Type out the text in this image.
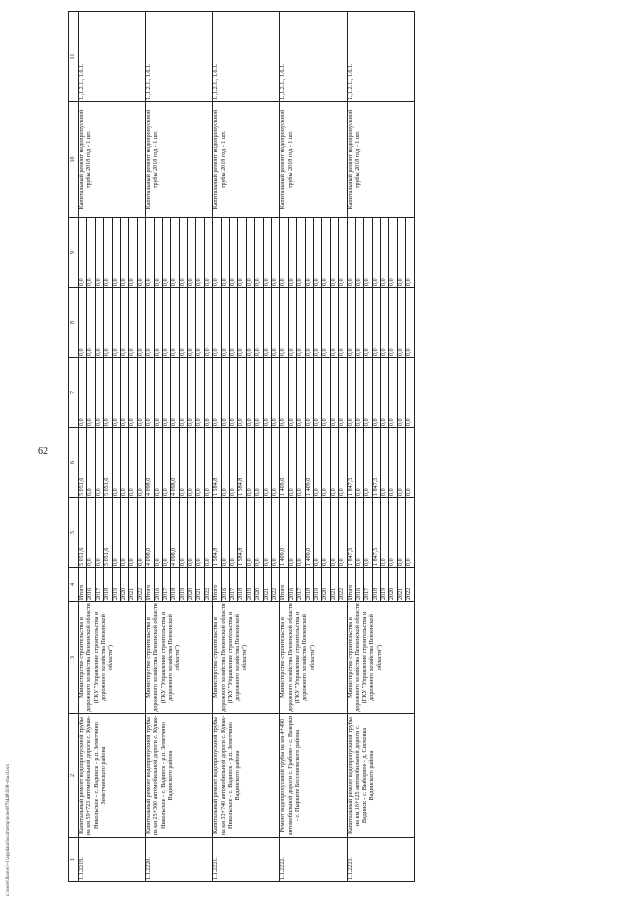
62
1	2	3	4	5	6	7	8	9	10	11
1.1.2219.	Капитальный ремонт водопропускной трубы на км 59+723 автомобильной дороги с. Кувак-Никольское - с. Вадинск - р.п. Земетчино Земетчинского района	Министерство строительства и дорожного хозяйства Пензенской области (ГКУ "Управление строительства и дорожного хозяйства Пензенской области")	Итого	5 051,6	5 051,6	0,0	0,0	0,0	Капитальный ремонт водопропускной трубы 2018 год - 1 шт.	1.,1.2.1., 1.6.1.
			2016	0,0	0,0	0,0	0,0	0,0		
			2017	0,0	0,0	0,0	0,0	0,0		
			2018	5 051,6	5 051,6	0,0	0,0	0,0		
			2019	0,0	0,0	0,0	0,0	0,0		
			2020	0,0	0,0	0,0	0,0	0,0		
			2021	0,0	0,0	0,0	0,0	0,0		
			2022	0,0	0,0	0,0	0,0	0,0		
1.1.2220.	Капитальный ремонт водопропускной трубы на км 25+360 автомобильной дороги с. Кувак-Никольское - с. Вадинск - р.п. Земетчино Вадинского района	Министерство строительства и дорожного хозяйства Пензенской области (ГКУ "Управление строительства и дорожного хозяйства Пензенской области")	Итого	4 098,0	4 098,0	0,0	0,0	0,0	Капитальный ремонт водопропускной трубы 2018 год - 1 шт.	1.,1.2.1., 1.6.1.
			2016	0,0	0,0	0,0	0,0	0,0		
			2017	0,0	0,0	0,0	0,0	0,0		
			2018	4 098,0	4 098,0	0,0	0,0	0,0		
			2019	0,0	0,0	0,0	0,0	0,0		
			2020	0,0	0,0	0,0	0,0	0,0		
			2021	0,0	0,0	0,0	0,0	0,0		
			2022	0,0	0,0	0,0	0,0	0,0		
1.1.2221.	Капитальный ремонт водопропускной трубы на км 33+740 автомобильной дороги с. Кувак-Никольское - с. Вадинск - р.п. Земетчино Вадинского района	Министерство строительства и дорожного хозяйства Пензенской области (ГКУ "Управление строительства и дорожного хозяйства Пензенской области")	Итого	1 584,8	1 584,8	0,0	0,0	0,0	Капитальный ремонт водопропускной трубы 2018 год - 1 шт.	1.,1.2.1., 1.6.1.
			2016	0,0	0,0	0,0	0,0	0,0		
			2017	0,0	0,0	0,0	0,0	0,0		
			2018	1 584,8	1 584,8	0,0	0,0	0,0		
			2019	0,0	0,0	0,0	0,0	0,0		
			2020	0,0	0,0	0,0	0,0	0,0		
			2021	0,0	0,0	0,0	0,0	0,0		
			2022	0,0	0,0	0,0	0,0	0,0		
1.1.2222.	Ремонт водопропускной трубы на км 4+490 автомобильной дороги с. Грабово - с. Вазерки - с. Пырките Бессоновского района	Министерство строительства и дорожного хозяйства Пензенской области (ГКУ "Управление строительства и дорожного хозяйства Пензенской области")	Итого	1 409,0	1 409,0	0,0	0,0	0,0	Капитальный ремонт водопропускной трубы 2018 год - 1 шт.	1.,1.2.1., 1.6.1.
			2016	0,0	0,0	0,0	0,0	0,0		
			2017	0,0	0,0	0,0	0,0	0,0		
			2018	1 409,0	1 409,0	0,0	0,0	0,0		
			2019	0,0	0,0	0,0	0,0	0,0		
			2020	0,0	0,0	0,0	0,0	0,0		
			2021	0,0	0,0	0,0	0,0	0,0		
			2022	0,0	0,0	0,0	0,0	0,0		
1.1.2223.	Капитальный ремонт водопропускной трубы на км 16+125 автомобильной дороги с. Вадинск - с. Выборное - д. Сиоховка Вадинского района	Министерство строительства и дорожного хозяйства Пензенской области (ГКУ "Управление строительства и дорожного хозяйства Пензенской области")	Итого	1 847,5	1 847,5	0,0	0,0	0,0	Капитальный ремонт водопропускной трубы 2018 год - 1 шт.	1.,1.2.1., 1.6.1.
			2016	0,0	0,0	0,0	0,0	0,0		
			2017	0,0	0,0	0,0	0,0	0,0		
			2018	1 847,5	1 847,5	0,0	0,0	0,0		
			2019	0,0	0,0	0,0	0,0	0,0		
			2020	0,0	0,0	0,0	0,0	0,0		
			2021	0,0	0,0	0,0	0,0	0,0		
			2022	0,0	0,0	0,0	0,0	0,0		
c:\users\lbarov\~1\appdata\local\temp\notes879448\508~ma.d.ocx
